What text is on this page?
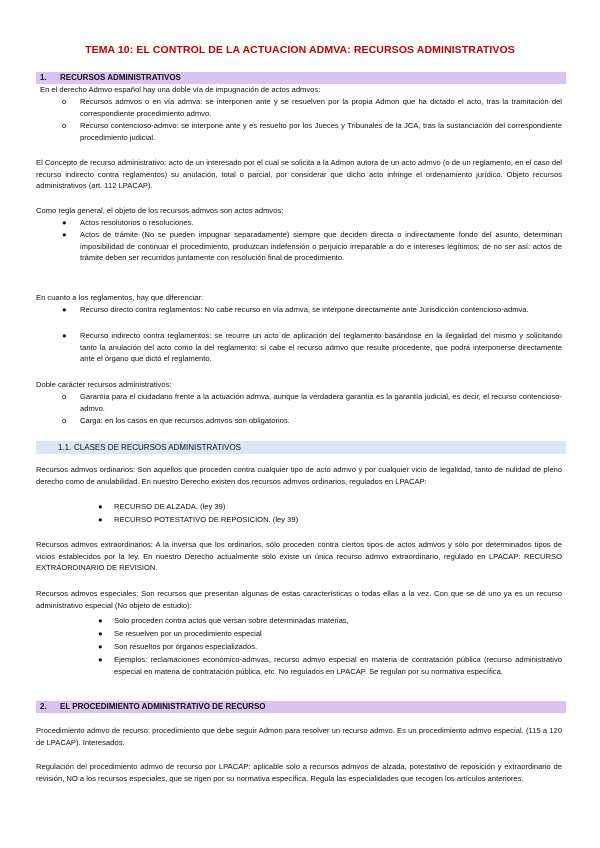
TEMA 10: EL CONTROL DE LA ACTUACION ADMVA: RECURSOS ADMINISTRATIVOS
1. RECURSOS ADMINISTRATIVOS
En el derecho Admvo español hay una doble vía de impugnación de actos admvos:
o Recursos admvos o en vía admva: se interponen ante y se resuelven por la propia Admon que ha dictado el acto, tras la tramitación del correspondiente procedimiento admvo.
o Recurso contencioso-admvo: se interpone ante y es resuelto por los Jueces y Tribunales de la JCA, tras la sustanciación del correspondiente procedimiento judicial.
El Concepto de recurso administrativo: acto de un interesado por el cual se solicita a la Admon autora de un acto admvo (o de un reglamento, en el caso del recurso indirecto contra reglamentos) su anulación, total o parcial, por considerar que dicho acto infringe el ordenamiento jurídico. Objeto recursos administrativos (art. 112 LPACAP).
Como regla general, el objeto de los recursos admvos son actos admvos:
● Actos resolutorios o resoluciones.
● Actos de trámite (No se pueden impugnar separadamente) siempre que deciden directa o indirectamente fondo del asunto, determinan imposibilidad de continuar el procedimiento, produzcan indefensión o perjuicio irreparable a do e intereses legítimos; de no ser así: actos de trámite deben ser recurridos juntamente con resolución final de procedimiento.
En cuanto a los reglamentos, hay que diferenciar:
● Recurso directo contra reglamentos: No cabe recurso en vía admva, se interpone directamente ante Jurisdicción contencioso-admva.
● Recurso indirecto contra reglamentos: se recurre un acto de aplicación del reglamento basándose en la ilegalidad del mismo y solicitando tanto la anulación del acto como la del reglamento: sí cabe el recurso admvo que resulte procedente, que podrá interponerse directamente ante el órgano que dictó el reglamento.
Doble carácter recursos administrativos:
o Garantía para el ciudadano frente a la actuación admva, aunque la verdadera garantía es la garantía judicial, es decir, el recurso contencioso-admvo.
o Carga: en los casos en que recursos admvos son obligatorios.
1.1. CLASES DE RECURSOS ADMINISTRATIVOS
Recursos admvos ordinarios: Son aquellos que proceden contra cualquier tipo de acto admvo y por cualquier vicio de legalidad, tanto de nulidad de pleno derecho como de anulabilidad. En nuestro Derecho existen dos recursos admvos ordinarios, regulados en LPACAP:
● RECURSO DE ALZADA. (ley 39)
● RECURSO POTESTATIVO DE REPOSICION. (ley 39)
Recursos admvos extraordinarios: A la inversa que los ordinarios, sólo proceden contra ciertos tipos de actos admvos y sólo por determinados tipos de vicios establecidos por la ley. En nuestro Derecho actualmente sólo existe un única recurso admvo extraordinario, regulado en LPACAP: RECURSO EXTRAORDINARIO DE REVISION.
Recursos admvos especiales: Son recursos que presentan algunas de estas características o todas ellas a la vez. Con que se dé uno ya es un recurso administrativo especial (No objeto de estudio):
● Solo proceden contra actos que versan sobre determinadas materias,
● Se resuelven por un procedimiento especial
● Son resueltos por órganos especializados.
● Ejemplos: reclamaciones económico-admvas, recurso admvo especial en materia de contratación pública (recurso administrativo especial en materia de contratación pública, etc. No regulados en LPACAP. Se regulan por su normativa específica.
2. EL PROCEDIMIENTO ADMINISTRATIVO DE RECURSO
Procedimiento admvo de recurso: procedimiento que debe seguir Admon para resolver un recurso admvo. Es un procedimiento admvo especial. (115 a 120 de LPACAP). Interesados.
Regulación del procedimiento admvo de recurso por LPACAP: aplicable solo a recursos admvos de alzada, potestativo de reposición y extraordinario de revisión, NO a los recursos especiales, que se rigen por su normativa específica. Regula las especialidades que recogen los artículos anteriores.
